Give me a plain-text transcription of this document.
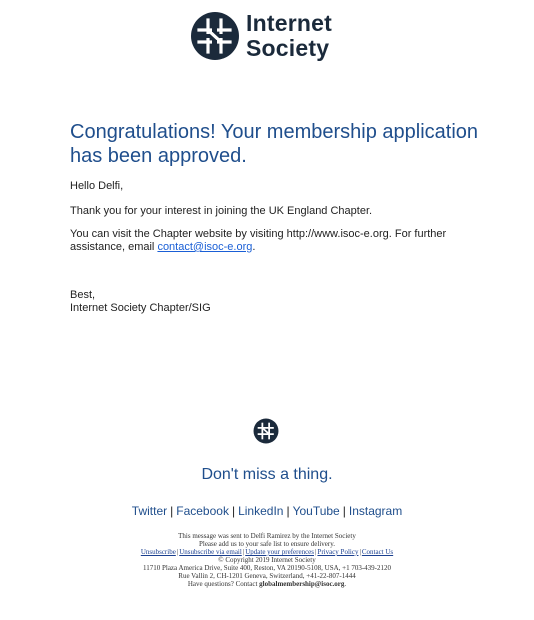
Internet
Society
Congratulations! Your membership application has been approved.
Hello Delfi,
Thank you for your interest in joining the UK England Chapter.
You can visit the Chapter website by visiting http://www.isoc-e.org. For further assistance, email contact@isoc-e.org.
Best,
Internet Society Chapter/SIG
Don't miss a thing.
Twitter | Facebook | LinkedIn | YouTube | Instagram
This message was sent to Delfi Ramirez by the Internet Society
Please add us to your safe list to ensure delivery.
Unsubscribe|Unsubscribe via email|Update your preferences|Privacy Policy|Contact Us
© Copyright 2019 Internet Society
11710 Plaza America Drive, Suite 400, Reston, VA 20190-5108, USA, +1 703-439-2120
Rue Vallin 2, CH-1201 Geneva, Switzerland, +41-22-807-1444
Have questions? Contact globalmembership@isoc.org.
